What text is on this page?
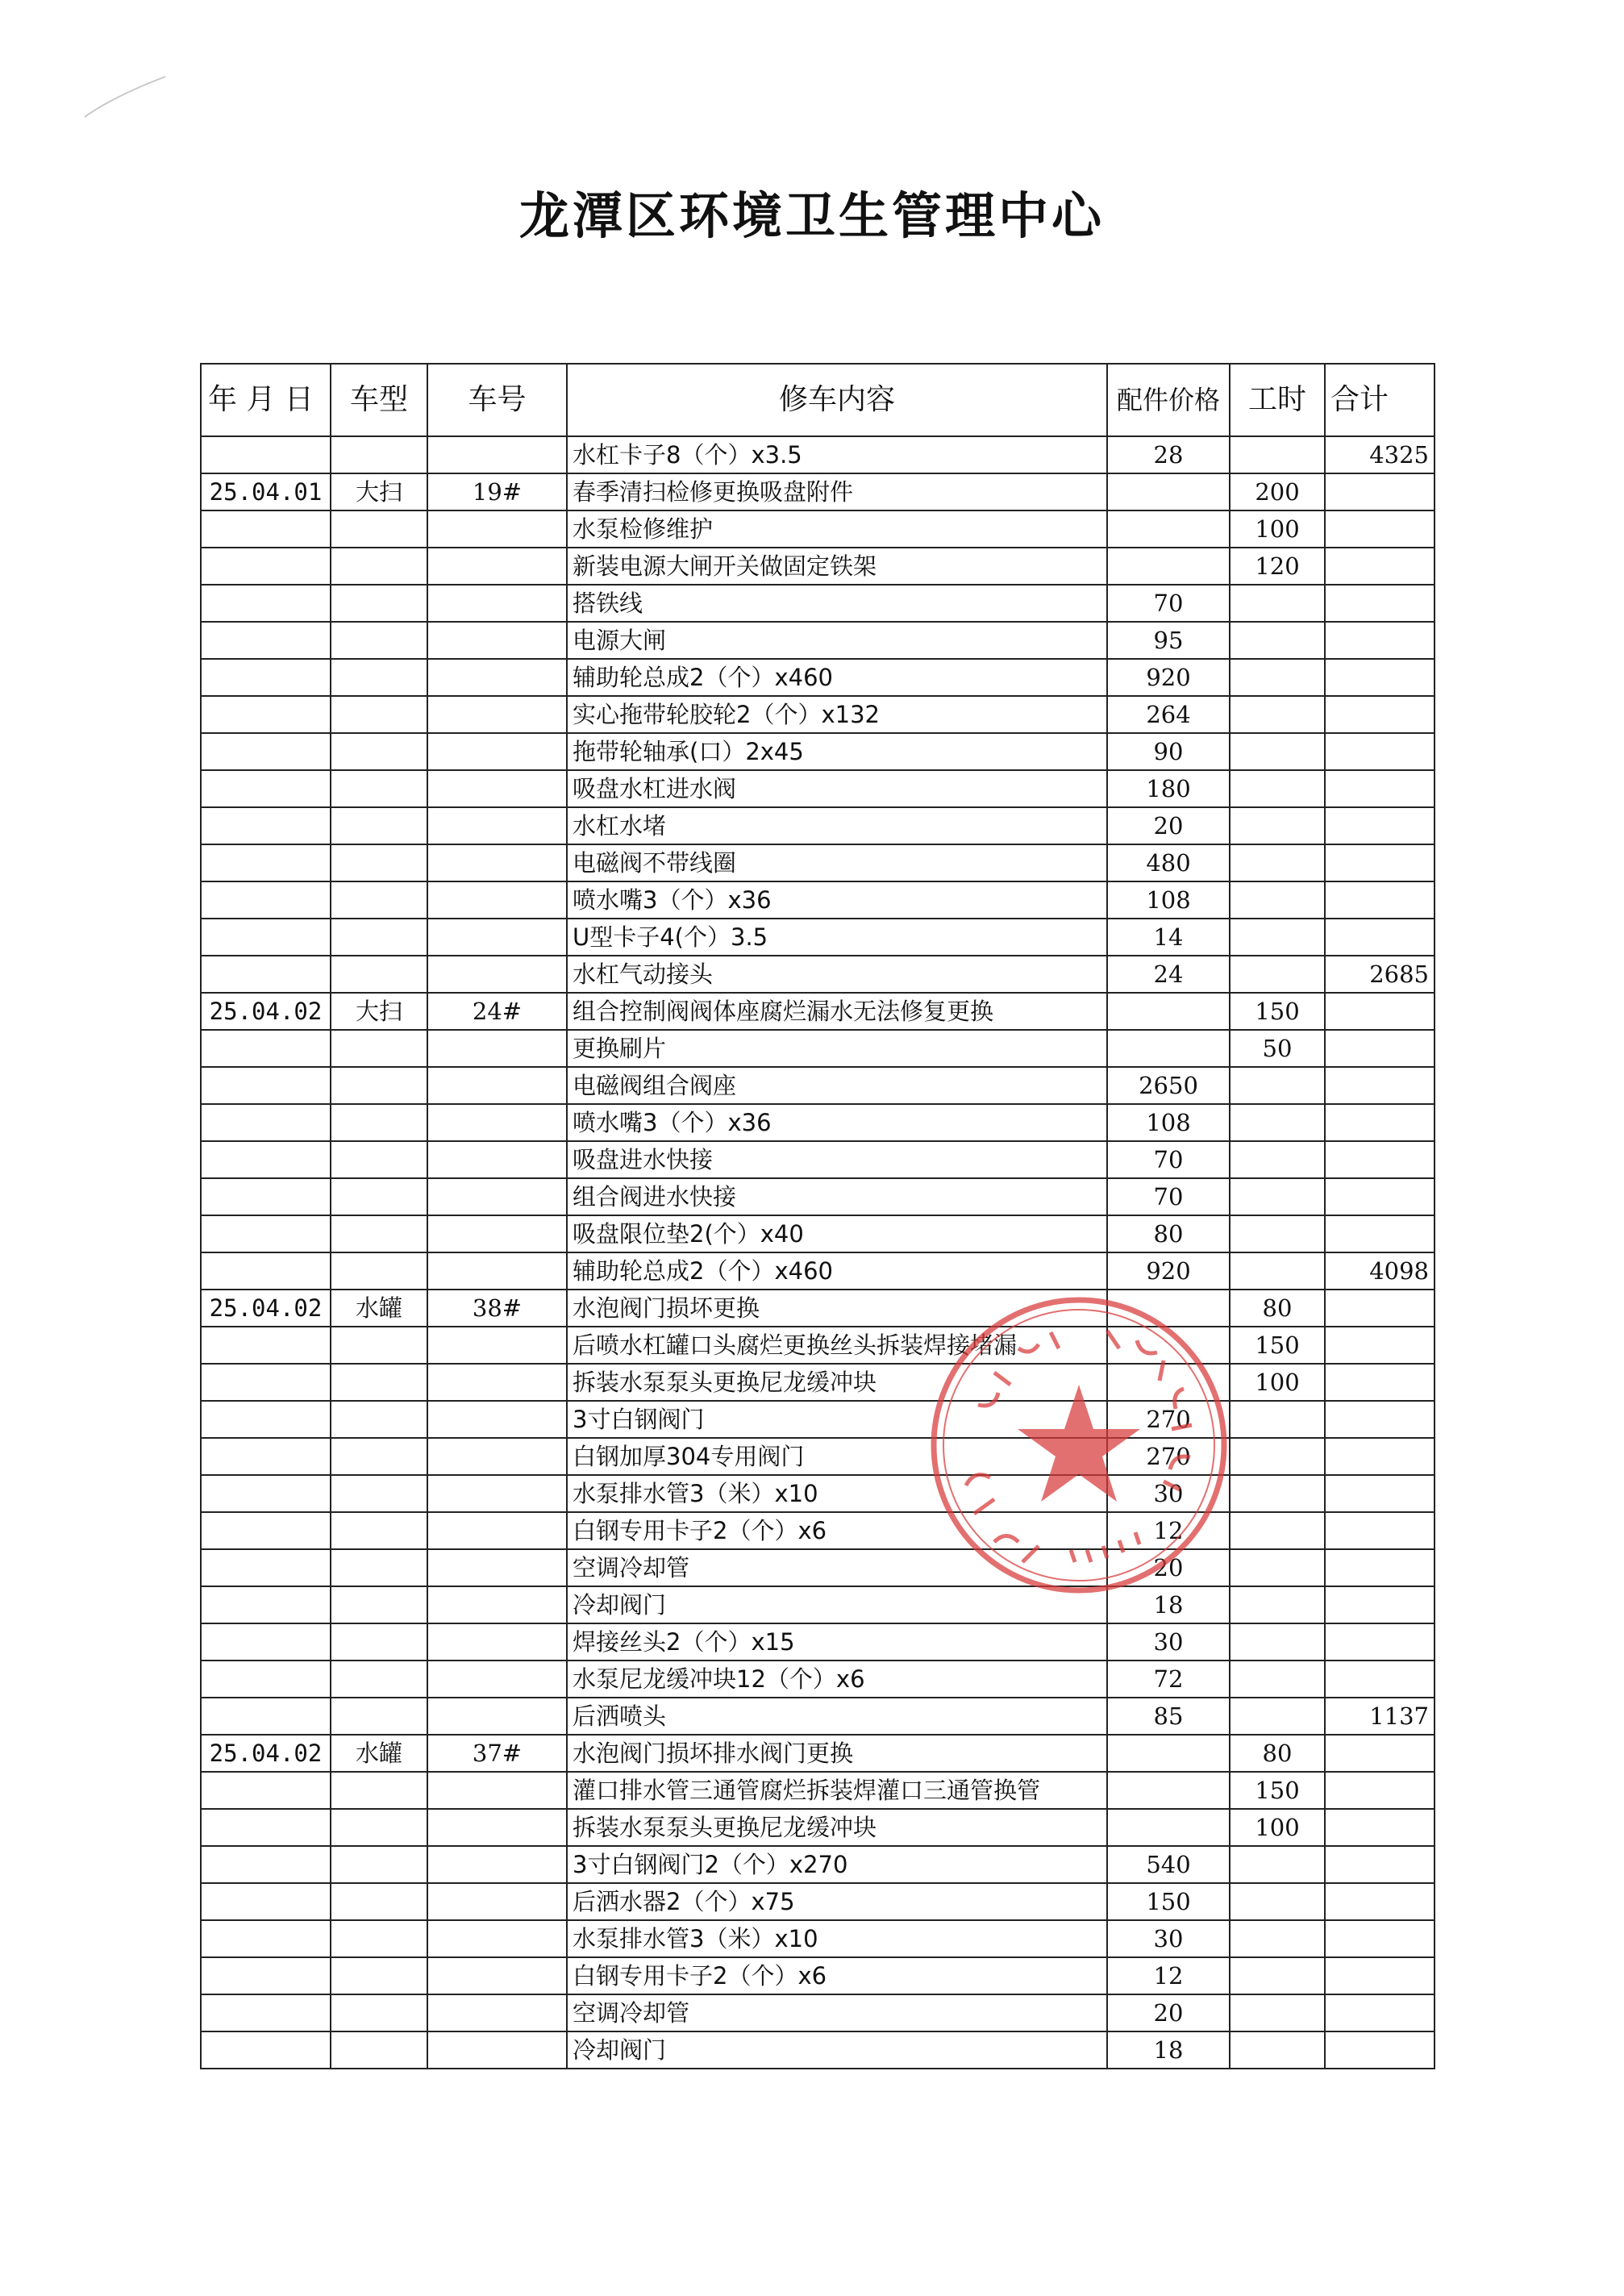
龙潭区环境卫生管理中心
年 月 日	车型	车号	修车内容	配件价格	工时	合计
			水杠卡子8（个）x3.5	28		4325
25.04.01	大扫	19#	春季清扫检修更换吸盘附件		200	
			水泵检修维护		100	
			新装电源大闸开关做固定铁架		120	
			搭铁线	70		
			电源大闸	95		
			辅助轮总成2（个）x460	920		
			实心拖带轮胶轮2（个）x132	264		
			拖带轮轴承(口）2x45	90		
			吸盘水杠进水阀	180		
			水杠水堵	20		
			电磁阀不带线圈	480		
			喷水嘴3（个）x36	108		
			U型卡子4(个）3.5	14		
			水杠气动接头	24		2685
25.04.02	大扫	24#	组合控制阀阀体座腐烂漏水无法修复更换		150	
			更换刷片		50	
			电磁阀组合阀座	2650		
			喷水嘴3（个）x36	108		
			吸盘进水快接	70		
			组合阀进水快接	70		
			吸盘限位垫2(个）x40	80		
			辅助轮总成2（个）x460	920		4098
25.04.02	水罐	38#	水泡阀门损坏更换		80	
			后喷水杠罐口头腐烂更换丝头拆装焊接堵漏		150	
			拆装水泵泵头更换尼龙缓冲块		100	
			3寸白钢阀门	270		
			白钢加厚304专用阀门	270		
			水泵排水管3（米）x10	30		
			白钢专用卡子2（个）x6	12		
			空调冷却管	20		
			冷却阀门	18		
			焊接丝头2（个）x15	30		
			水泵尼龙缓冲块12（个）x6	72		
			后洒喷头	85		1137
25.04.02	水罐	37#	水泡阀门损坏排水阀门更换		80	
			灌口排水管三通管腐烂拆装焊灌口三通管换管		150	
			拆装水泵泵头更换尼龙缓冲块		100	
			3寸白钢阀门2（个）x270	540		
			后洒水器2（个）x75	150		
			水泵排水管3（米）x10	30		
			白钢专用卡子2（个）x6	12		
			空调冷却管	20		
			冷却阀门	18		
